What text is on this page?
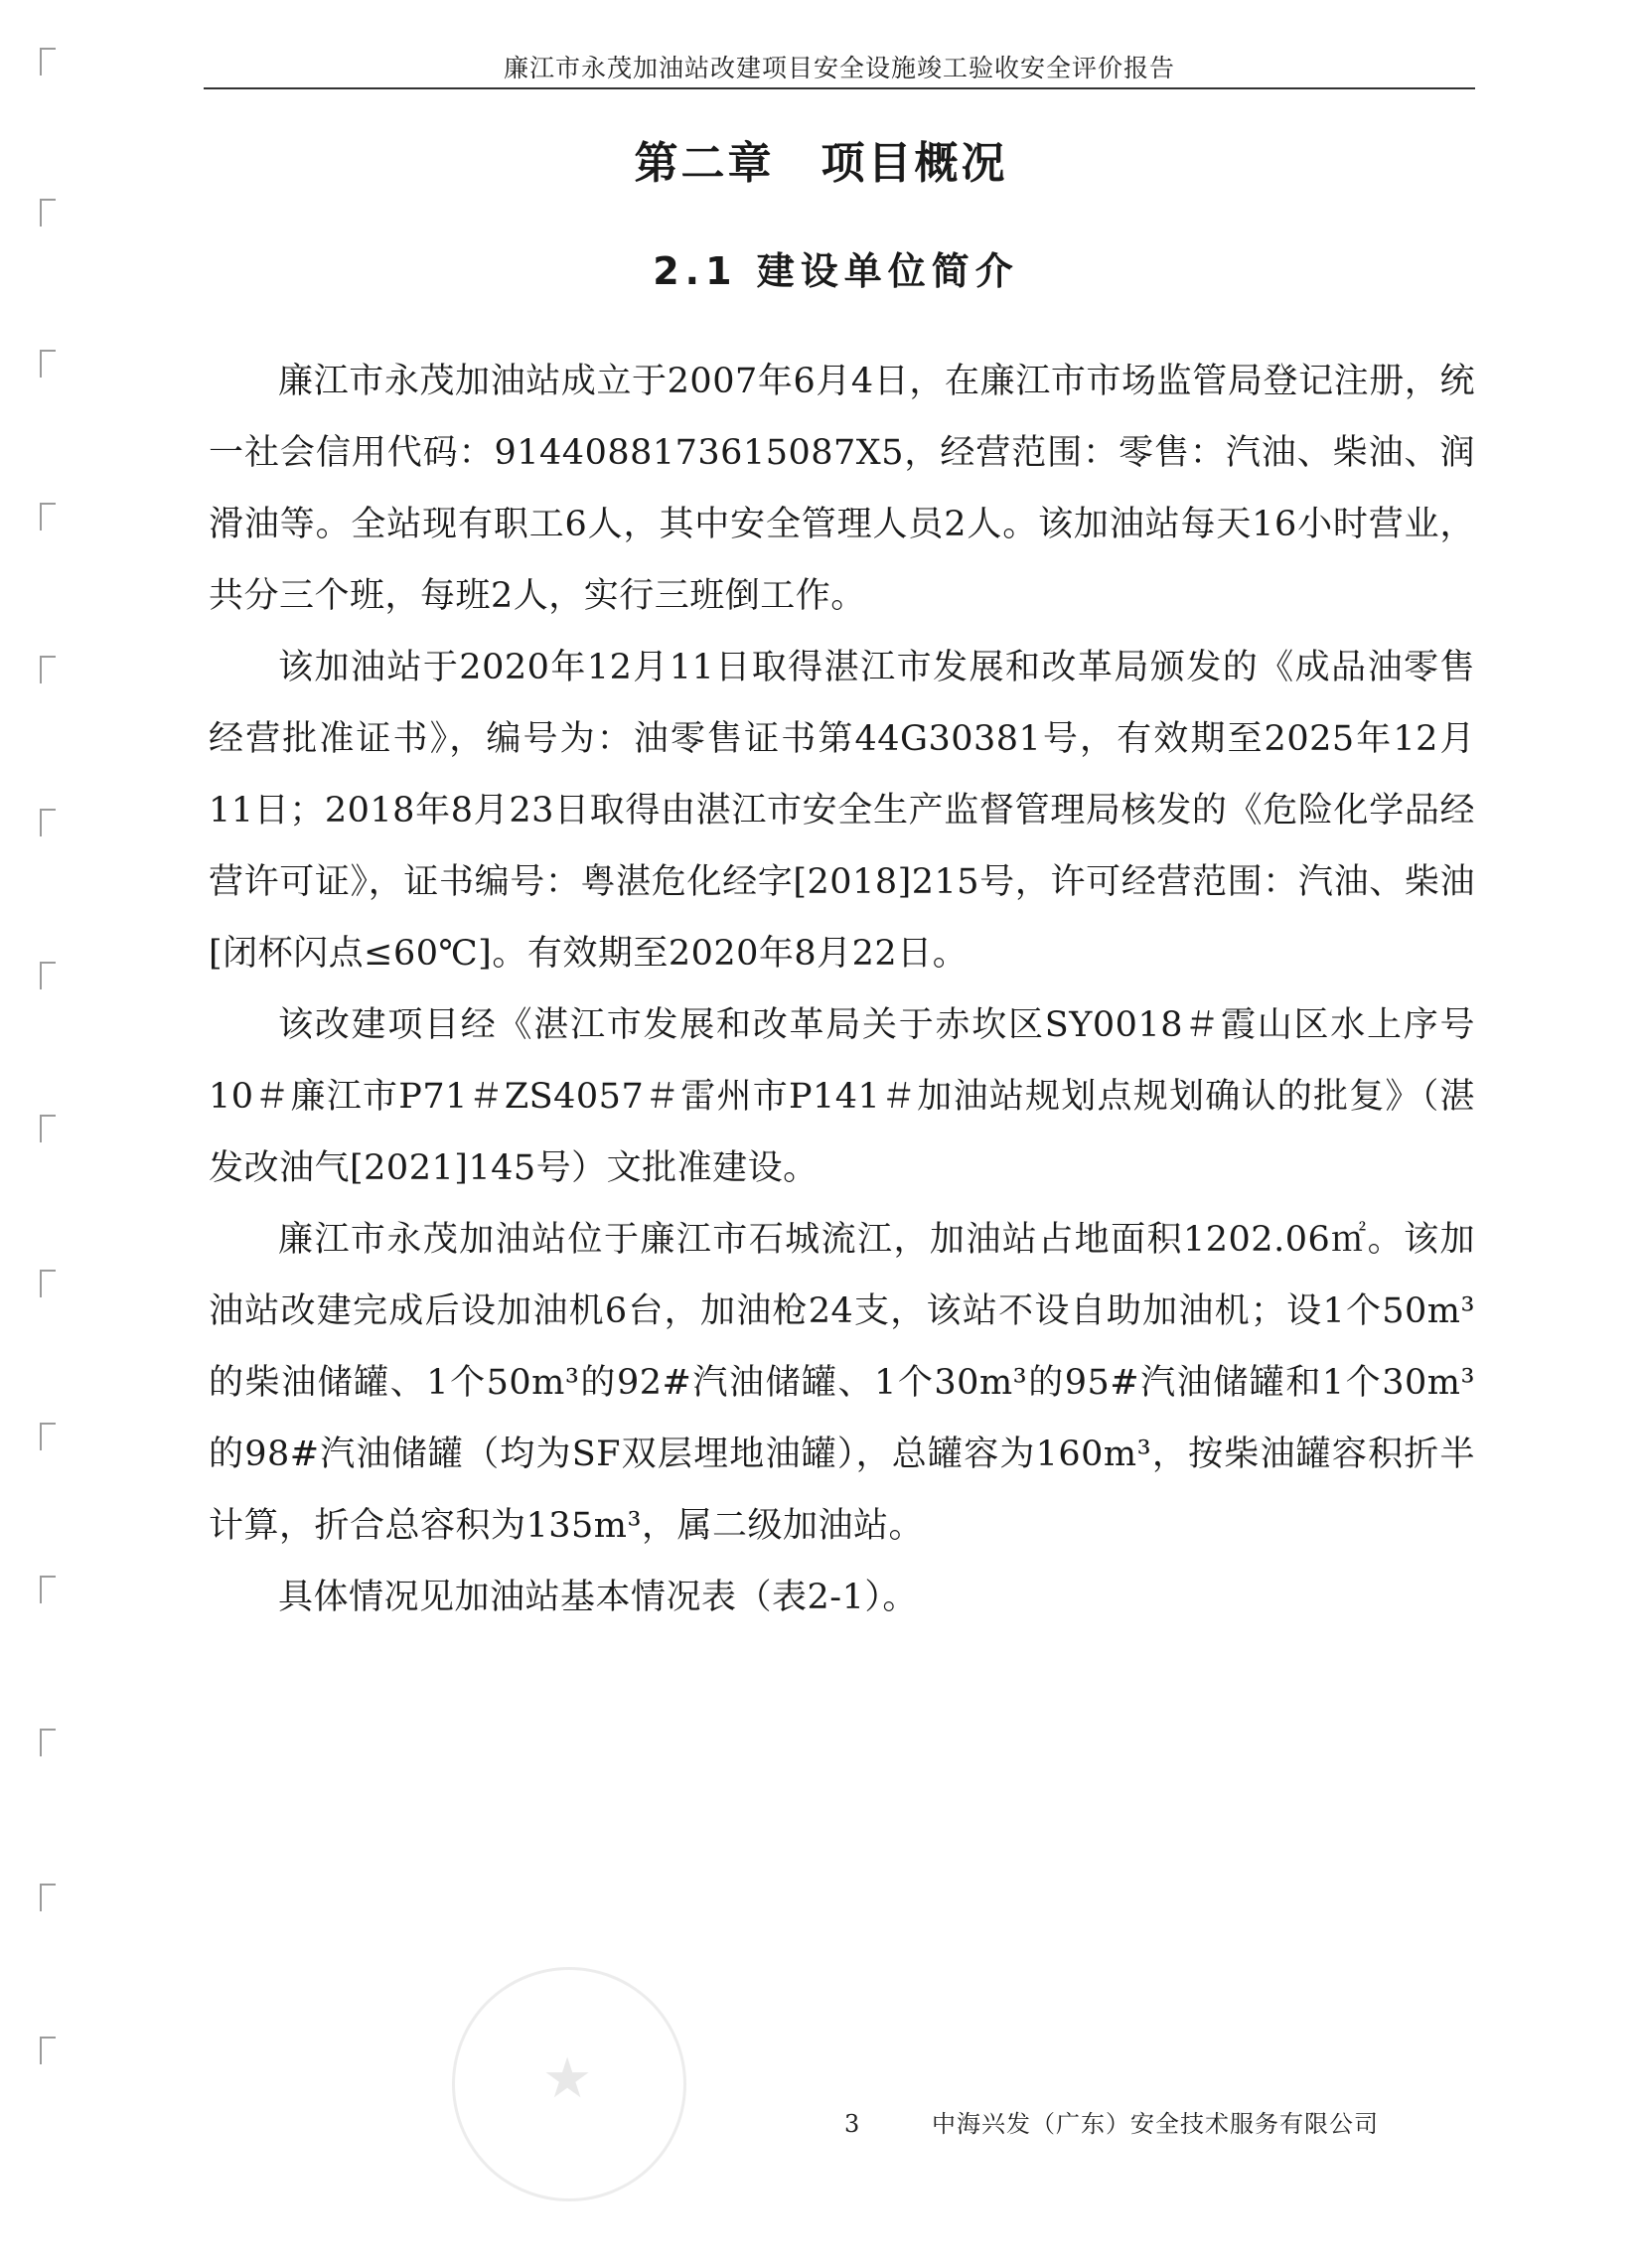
廉江市永茂加油站改建项目安全设施竣工验收安全评价报告
第二章　项目概况
2.1 建设单位简介

廉江市永茂加油站成立于2007年6月4日，在廉江市市场监管局登记注册，统一社会信用代码：9144088173615087X5，经营范围：零售：汽油、柴油、润滑油等。全站现有职工6人，其中安全管理人员2人。该加油站每天16小时营业，共分三个班，每班2人，实行三班倒工作。

该加油站于2020年12月11日取得湛江市发展和改革局颁发的《成品油零售经营批准证书》，编号为：油零售证书第44G30381号，有效期至2025年12月11日；2018年8月23日取得由湛江市安全生产监督管理局核发的《危险化学品经营许可证》，证书编号：粤湛危化经字[2018]215号，许可经营范围：汽油、柴油[闭杯闪点≤60℃]。有效期至2020年8月22日。

该改建项目经《湛江市发展和改革局关于赤坎区SY0018＃霞山区水上序号10＃廉江市P71＃ZS4057＃雷州市P141＃加油站规划点规划确认的批复》（湛发改油气[2021]145号）文批准建设。

廉江市永茂加油站位于廉江市石城流江，加油站占地面积1202.06㎡。该加油站改建完成后设加油机6台，加油枪24支，该站不设自助加油机；设1个50m³的柴油储罐、1个50m³的92#汽油储罐、1个30m³的95#汽油储罐和1个30m³的98#汽油储罐（均为SF双层埋地油罐），总罐容为160m³，按柴油罐容积折半计算，折合总容积为135m³，属二级加油站。

具体情况见加油站基本情况表（表2-1）。

★
3	中海兴发（广东）安全技术服务有限公司
